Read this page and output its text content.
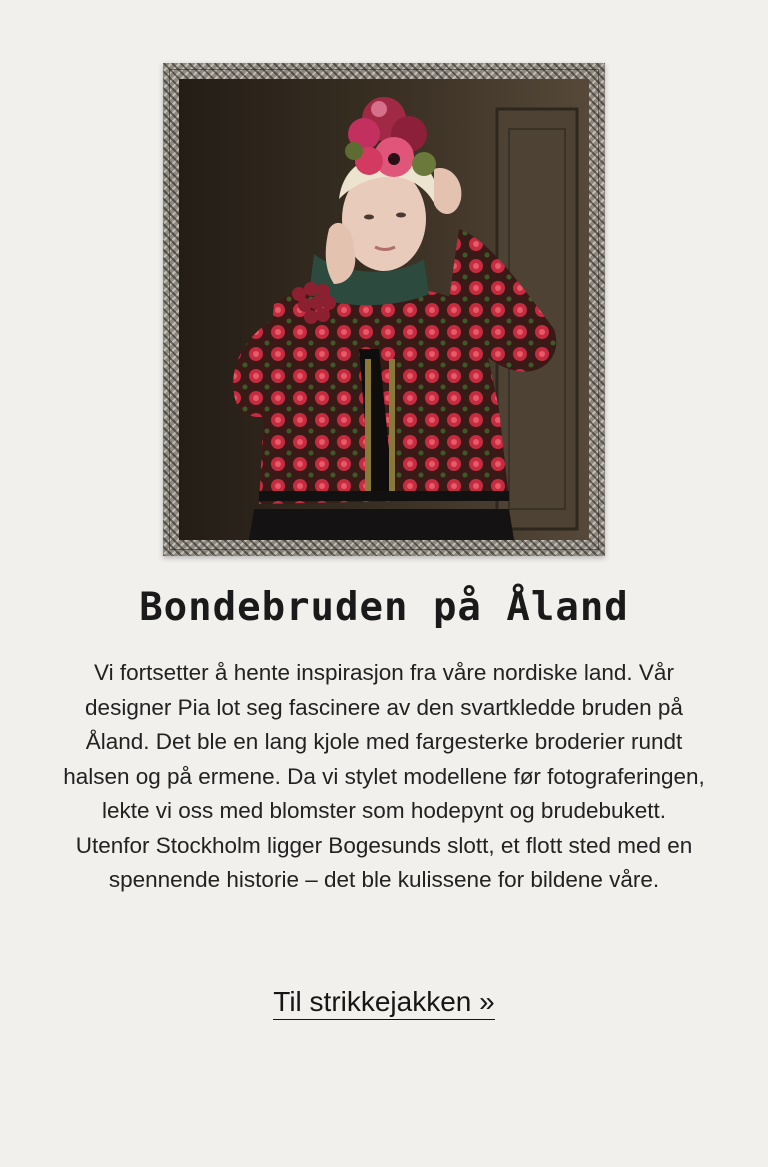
Bondebruden på Åland

Vi fortsetter å hente inspirasjon fra våre nordiske land. Vår designer Pia lot seg fascinere av den svartkledde bruden på Åland. Det ble en lang kjole med fargesterke broderier rundt halsen og på ermene. Da vi stylet modellene før fotograferingen, lekte vi oss med blomster som hodepynt og brudebukett. Utenfor Stockholm ligger Bogesunds slott, et flott sted med en spennende historie – det ble kulissene for bildene våre.

Til strikkejakken »
